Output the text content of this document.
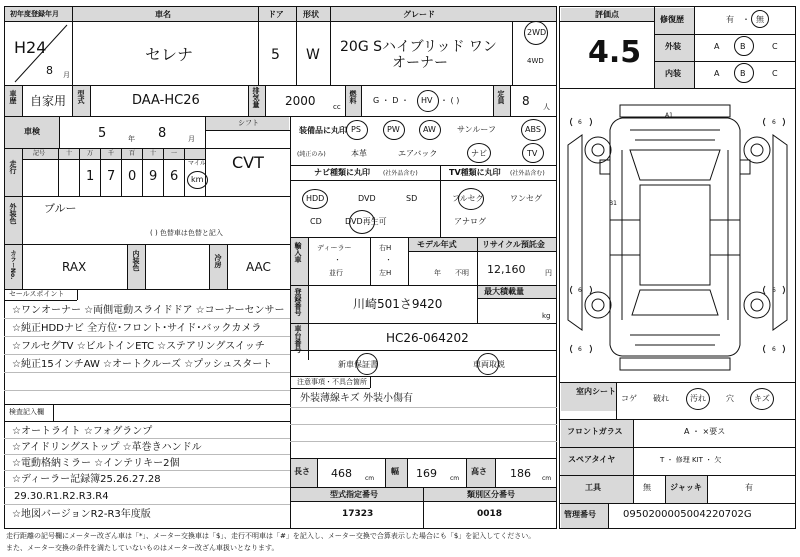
初年度登録年月
H24
8 月
車名
セレナ
ドア
5
形状
W
グレード
20G Sハイブリッド ワン
オーナー
2WD
4WD
車歴 自家用 型式	DAA-HC26	排気量 2000 cc
燃料 G ・ D ・ HV ・ ( )	定員 8 人
車検	5	年 8	月
シフト
CVT
走行
記号	十 万 千 百 十 一
1 7 0 9 6
マイル
km
外装色 ブルー
( ) 色替車は色替と記入
カラーNo.	RAX	内装色	冷房 AAC
セールスポイント
☆ワンオーナー ☆両側電動スライドドア ☆コーナーセンサー
☆純正HDDナビ 全方位･フロント･サイド･バックカメラ
☆フルセグTV ☆ビルトインETC ☆ステアリングスイッチ
☆純正15インチAW ☆オートクルーズ ☆プッシュスタート
検査記入欄
☆オートライト ☆フォグランプ
☆アイドリングストップ ☆革巻きハンドル
☆電動格納ミラー ☆インテリキー2個
☆ディーラー記録簿25.26.27.28
29.30.R1.R2.R3.R4
☆地図バージョンR2-R3年度版
装備品に丸印
(純正のみ)
PS	PW	AW	サンルーフ	ABS
本革	エアバック	ナビ	TV
ナビ種類に丸印 (社外品含む)
HDD	DVD	SD
CD	DVD再生可
TV種類に丸印 (社外品含む)
フルセグ	ワンセグ
アナログ
輸入車 ディーラー
・
並行
右H
・
左H
モデル年式
年 不明
リサイクル預託金
12,160	円
登録番号	川崎501さ9420
最大積載量
kg
車台番号	HC26-064202
新車保証書	車両取説
注意事項・不具合箇所
外装薄線キズ 外装小傷有
長さ 468 cm
幅 169 cm
高さ 186 cm
型式指定番号
17323
類別区分番号
0018
評価点
4.5
修復歴	有 ・ 無
外装	A	B	C
内装	A	B	C
6	6
6	6
6	6
A1
B1
室内シート
コゲ 破れ	汚れ	穴	キズ
フロントガラス	A ・ ×要ス
スペアタイヤ	T ・ 修理 KIT ・ 欠
工具	無 ジャッキ	有
管理番号	0950200005004220702G
走行距離の記号欄にメーター改ざん車は「*」、メーター交換車は「$」、走行不明車は「#」を記入し、メーター交換で合算表示した場合にも「$」を記入してください。
また、メーター交換の条件を満たしていないものはメーター改ざん車扱いとなります。
